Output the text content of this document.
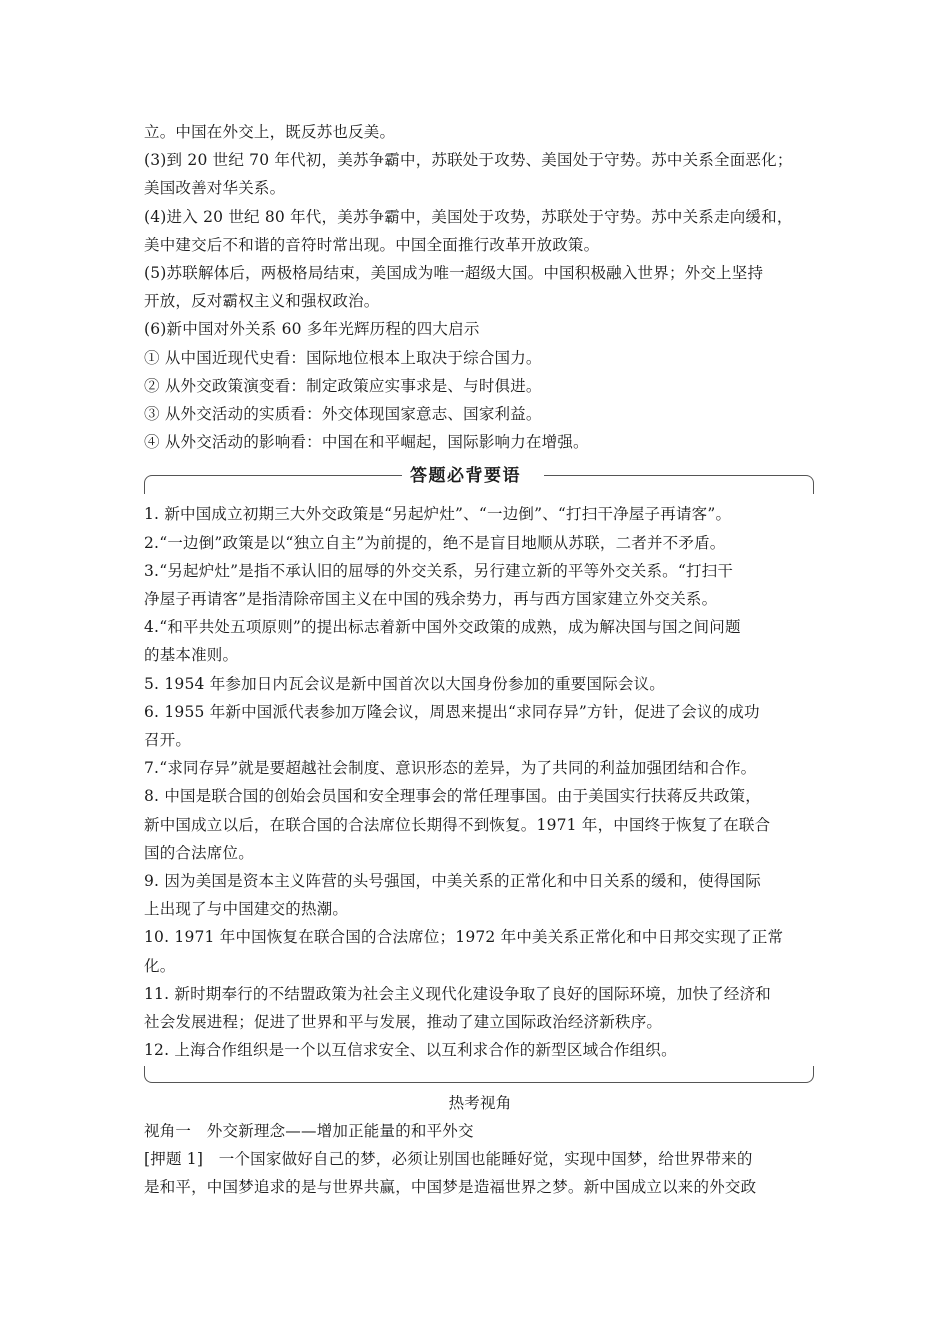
立。中国在外交上，既反苏也反美。
(3)到 20 世纪 70 年代初，美苏争霸中，苏联处于攻势、美国处于守势。苏中关系全面恶化；
美国改善对华关系。
(4)进入 20 世纪 80 年代，美苏争霸中，美国处于攻势，苏联处于守势。苏中关系走向缓和，
美中建交后不和谐的音符时常出现。中国全面推行改革开放政策。
(5)苏联解体后，两极格局结束，美国成为唯一超级大国。中国积极融入世界；外交上坚持
开放，反对霸权主义和强权政治。
(6)新中国对外关系 60 多年光辉历程的四大启示
① 从中国近现代史看：国际地位根本上取决于综合国力。
② 从外交政策演变看：制定政策应实事求是、与时俱进。
③ 从外交活动的实质看：外交体现国家意志、国家利益。
④ 从外交活动的影响看：中国在和平崛起，国际影响力在增强。
答题必背要语
1. 新中国成立初期三大外交政策是“另起炉灶”、“一边倒”、“打扫干净屋子再请客”。
2.“一边倒”政策是以“独立自主”为前提的，绝不是盲目地顺从苏联，二者并不矛盾。
3.“另起炉灶”是指不承认旧的屈辱的外交关系，另行建立新的平等外交关系。“打扫干
净屋子再请客”是指清除帝国主义在中国的残余势力，再与西方国家建立外交关系。
4.“和平共处五项原则”的提出标志着新中国外交政策的成熟，成为解决国与国之间问题
的基本准则。
5. 1954 年参加日内瓦会议是新中国首次以大国身份参加的重要国际会议。
6. 1955 年新中国派代表参加万隆会议，周恩来提出“求同存异”方针，促进了会议的成功
召开。
7.“求同存异”就是要超越社会制度、意识形态的差异，为了共同的利益加强团结和合作。
8. 中国是联合国的创始会员国和安全理事会的常任理事国。由于美国实行扶蒋反共政策，
新中国成立以后，在联合国的合法席位长期得不到恢复。1971 年，中国终于恢复了在联合
国的合法席位。
9. 因为美国是资本主义阵营的头号强国，中美关系的正常化和中日关系的缓和，使得国际
上出现了与中国建交的热潮。
10. 1971 年中国恢复在联合国的合法席位；1972 年中美关系正常化和中日邦交实现了正常
化。
11. 新时期奉行的不结盟政策为社会主义现代化建设争取了良好的国际环境，加快了经济和
社会发展进程；促进了世界和平与发展，推动了建立国际政治经济新秩序。
12. 上海合作组织是一个以互信求安全、以互利求合作的新型区域合作组织。
热考视角
视角一　外交新理念——增加正能量的和平外交
[押题 1]　一个国家做好自己的梦，必须让别国也能睡好觉，实现中国梦，给世界带来的
是和平，中国梦追求的是与世界共赢，中国梦是造福世界之梦。新中国成立以来的外交政
